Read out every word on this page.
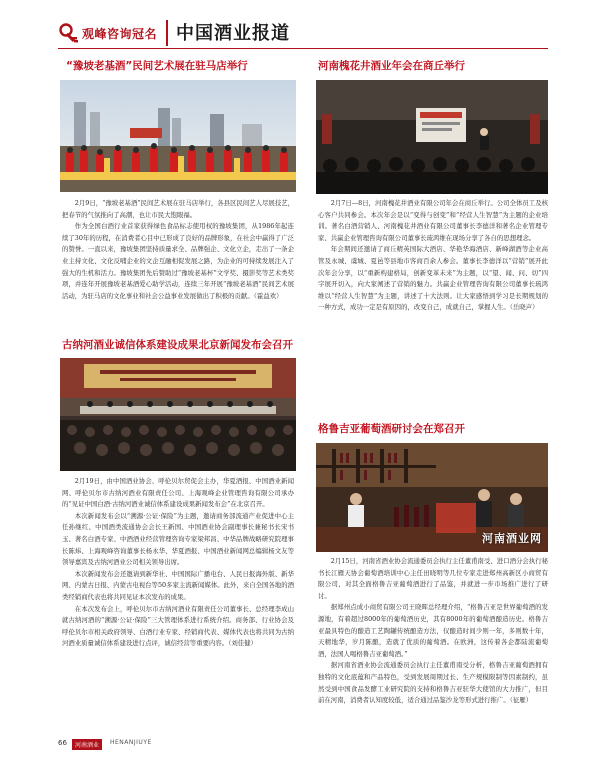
观峰咨询冠名 中国酒业报道
“豫坡老基酒”民间艺术展在驻马店举行

2月9日，“豫坡老基酒”民间艺术展在驻马店举行，各县区民间艺人尽展技艺，把春节的气氛推向了高潮，也让市民大饱眼福。

作为全国白酒行业首家获得绿色食品标志使用权的豫坡集团，从1986年起连续了30年的历程，在消费者心目中已形成了良好的品牌形象，在社会中赢得了广泛的赞誉。一直以来，豫坡集团坚持质量求全、品牌强企、文化立企，走出了一条企业主持文化、文化反哺企业的文企互融相促发展之路，为企业的可持续发展注入了强大的生机和活力。豫坡集团先后赞助过“豫坡老基杯”文学奖、摄影奖等艺术类奖项，并连年开展豫坡老基酒爱心助学活动，连续三年开展“豫坡老基酒”民间艺术展活动，为驻马店的文化事业和社会公益事业发展做出了积极的贡献。（霍益欢）

古纳河酒业诚信体系建设成果北京新闻发布会召开

2月19日，由中国酒业协会、呼伦贝尔贸促会主办，华夏酒报、中国酒业新闻网、呼伦贝尔市古纳河酒业有限责任公司、上海观峰企业管理咨询有限公司承办的“见证中国白酒·古纳河酒业诚信体系建设成果新闻发布会”在北京召开。

本次新闻发布会以“溯源·公证·保险”为主题，邀请商务部流通产业促进中心主任孙继红、中国酒类流通协会会长王新国、中国酒业协会副理事长兼秘书长宋书玉、著名白酒专家、中酒酒业经营管理咨询专家梁邦昌、中华品牌战略研究院理事长陈炜、上海观峰咨询董事长杨永华、华夏酒报、中国酒业新闻网总编辑杨文友等领导嘉宾及古纳河酒业公司相关领导出席。

本次新闻发布会还邀请到新华社、中国国际广播电台、人民日报海外版、新华网、内蒙古日报、内蒙古电视台等50多家主流新闻媒体。此外，来自全国各地的酒类经销商代表也将共同见证本次发布的成果。

在本次发布会上，呼伦贝尔市古纳河酒业有限责任公司董事长、总经理李成山就古纳河酒的“溯源·公证·保险”三大管理体系进行系统介绍。商务部、行业协会及呼伦贝尔市相关政府领导、白酒行业专家、经销商代表、媒体代表也将共同为古纳河酒业质量诚信体系建设进行点评，诚信经营等重要内容。（刘佳健）

河南槐花井酒业年会在商丘举行

2月7日—8日，河南槐花井酒业有限公司年会在商丘举行。公司全体员工及核心客户共同参会。本次年会是以“变得与创变”和“经营人生智慧”为主题的企业培训。著名白酒营销人、河南槐花井酒业有限公司董事长李德洋和著名企业管理专家、共赢企业管理咨询有限公司董事长琉鸿维在现场分享了各自的思想理念。

年会期间还邀请了商丘精英国际大酒店、华艳华海酒店、新峰湖酒等企业高管及永城、虞城、夏邑等县地市客商百余人参会。董事长李德洋以“营销”展开此次年会分享，以“重新构建格局，创新变革未来”为主题，以“望、闻、问、切”四字展开切入，向大家阐述了营销的魅力。共赢企业管理咨询有限公司董事长琉鸿维以“经营人生智慧”为主题，讲述了十大法则。让大家感悟到学习是长期规划的一种方式，成功一定是有原因的，改变自己，成就自己，掌握人生。（岳晓声）

格鲁吉亚葡萄酒研讨会在郑召开
河南酒业网

2月15日，河南省酒业协会流通委员会执行主任董甫南受、进口酒分会执行秘书长江雁天协会葡萄酒培训中心主任田晓明等几位专家走进郑州高新区小商贸有限公司，对其全面格鲁吉亚葡萄酒进行了品鉴，并就进一步市场推广进行了研讨。

据郑州点成小商贸有限公司王晓晖总经理介绍，“格鲁吉亚是世界葡萄酒的发源地，有着超过8000年的葡萄酒历史，其有8000年的葡萄酒酿造历史。格鲁吉亚最具特色的酿造工艺陶罐传统酿造方法，仅酿造时间少则一年，多则数十年，天精地华，岁月陈酿，造就了优质的葡萄酒。在欧洲，这传着各企都陆流葡萄酒，法国人喝格鲁吉亚葡萄酒。”

据河南省酒业协会流通委员会执行主任董甫南受分析，格鲁吉亚葡萄酒拥有独特的文化底蕴和产品特色，受到发展周期过长、生产规模限制等因素制约，虽然受到中国食品发酵工业研究院的支持和格鲁吉亚驻华大使馆的大力推广，但目前在河南，消费者认知度较低，适合通过品鉴沙龙等形式进行推广。（征雁）

66	河南酒业	HENANJIUYE
